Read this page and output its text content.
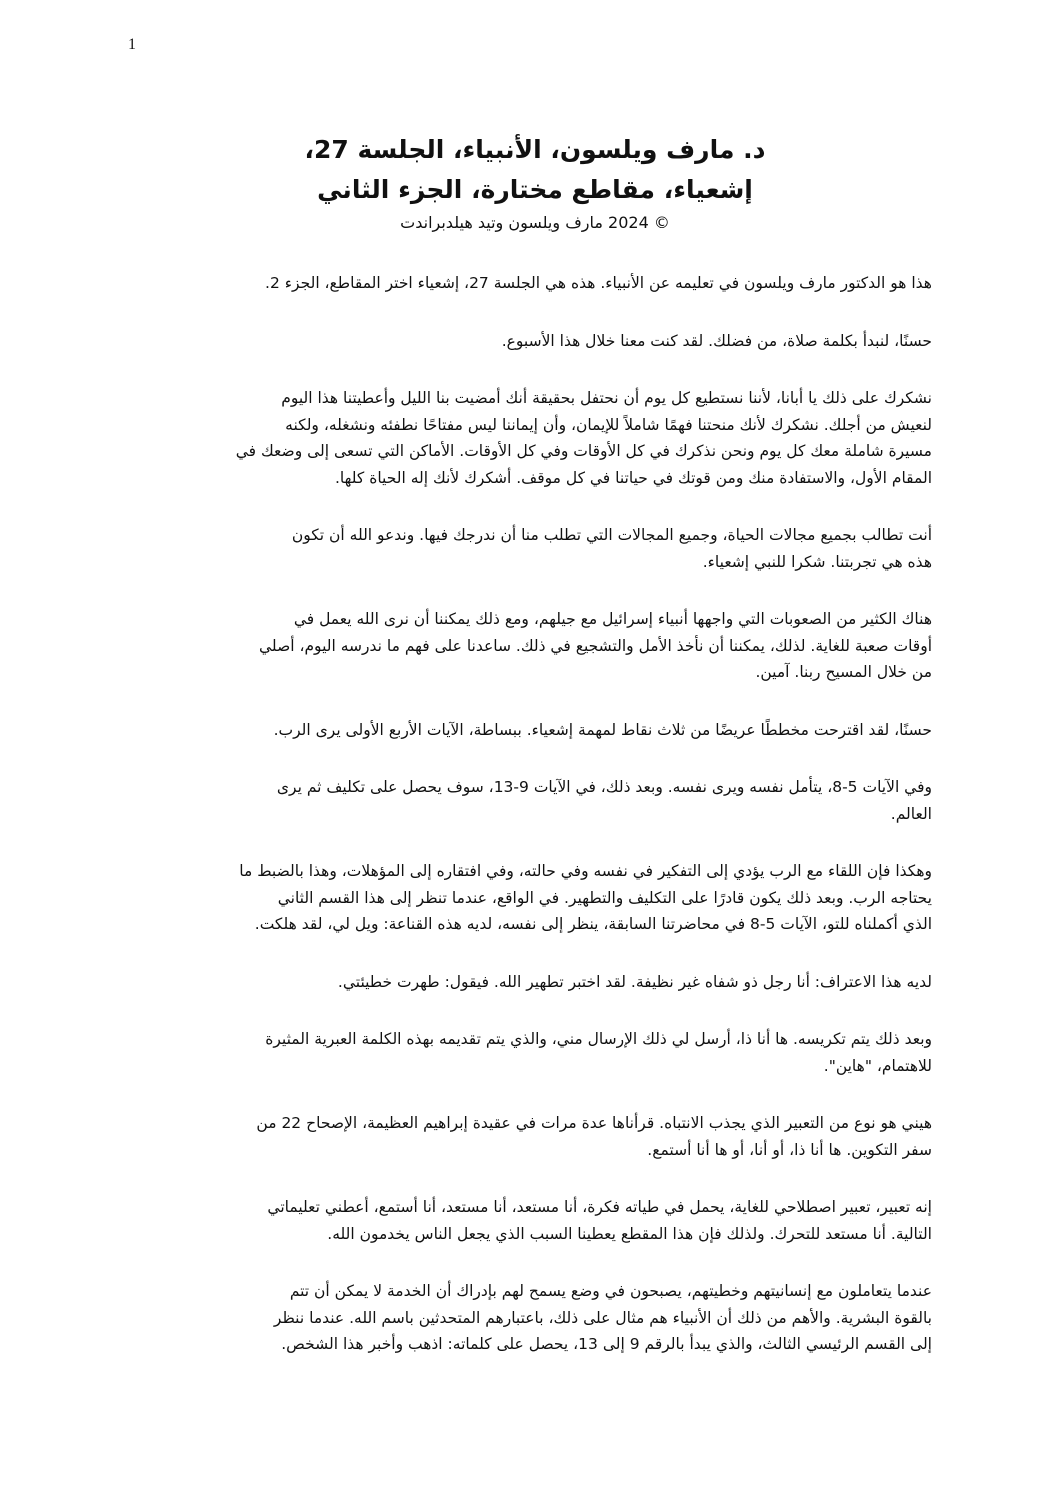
1
د. مارف ويلسون، الأنبياء، الجلسة 27،
إشعياء، مقاطع مختارة، الجزء الثاني
© 2024 مارف ويلسون وتيد هيلدبراندت
هذا هو الدكتور مارف ويلسون في تعليمه عن الأنبياء. هذه هي الجلسة 27، إشعياء اختر المقاطع، الجزء 2.
حسنًا، لنبدأ بكلمة صلاة، من فضلك. لقد كنت معنا خلال هذا الأسبوع.
نشكرك على ذلك يا أبانا، لأننا نستطيع كل يوم أن نحتفل بحقيقة أنك أمضيت بنا الليل وأعطيتنا هذا اليوم
لنعيش من أجلك. نشكرك لأنك منحتنا فهمًا شاملاً للإيمان، وأن إيماننا ليس مفتاحًا نطفئه ونشغله، ولكنه
مسيرة شاملة معك كل يوم ونحن نذكرك في كل الأوقات وفي كل الأوقات. الأماكن التي تسعى إلى وضعك في
المقام الأول، والاستفادة منك ومن قوتك في حياتنا في كل موقف. أشكرك لأنك إله الحياة كلها.
أنت تطالب بجميع مجالات الحياة، وجميع المجالات التي تطلب منا أن ندرجك فيها. وندعو الله أن تكون
هذه هي تجربتنا. شكرا للنبي إشعياء.
هناك الكثير من الصعوبات التي واجهها أنبياء إسرائيل مع جيلهم، ومع ذلك يمكننا أن نرى الله يعمل في
أوقات صعبة للغاية. لذلك، يمكننا أن نأخذ الأمل والتشجيع في ذلك. ساعدنا على فهم ما ندرسه اليوم، أصلي
من خلال المسيح ربنا. آمين.
حسنًا، لقد اقترحت مخططًا عريضًا من ثلاث نقاط لمهمة إشعياء. ببساطة، الآيات الأربع الأولى يرى الرب.
وفي الآيات 5-8، يتأمل نفسه ويرى نفسه. وبعد ذلك، في الآيات 9-13، سوف يحصل على تكليف ثم يرى
العالم.
وهكذا فإن اللقاء مع الرب يؤدي إلى التفكير في نفسه وفي حالته، وفي افتقاره إلى المؤهلات، وهذا بالضبط ما
يحتاجه الرب. وبعد ذلك يكون قادرًا على التكليف والتطهير. في الواقع، عندما تنظر إلى هذا القسم الثاني
الذي أكملناه للتو، الآيات 5-8 في محاضرتنا السابقة، ينظر إلى نفسه، لديه هذه القناعة: ويل لي، لقد هلكت.
لديه هذا الاعتراف: أنا رجل ذو شفاه غير نظيفة. لقد اختبر تطهير الله. فيقول: طهرت خطيئتي.
وبعد ذلك يتم تكريسه. ها أنا ذا، أرسل لي ذلك الإرسال مني، والذي يتم تقديمه بهذه الكلمة العبرية المثيرة
للاهتمام، "هاين".
هيني هو نوع من التعبير الذي يجذب الانتباه. قرأناها عدة مرات في عقيدة إبراهيم العظيمة، الإصحاح 22 من
سفر التكوين. ها أنا ذا، أو أنا، أو ها أنا أستمع.
إنه تعبير، تعبير اصطلاحي للغاية، يحمل في طياته فكرة، أنا مستعد، أنا مستعد، أنا أستمع، أعطني تعليماتي
التالية. أنا مستعد للتحرك. ولذلك فإن هذا المقطع يعطينا السبب الذي يجعل الناس يخدمون الله.
عندما يتعاملون مع إنسانيتهم وخطيتهم، يصبحون في وضع يسمح لهم بإدراك أن الخدمة لا يمكن أن تتم
بالقوة البشرية. والأهم من ذلك أن الأنبياء هم مثال على ذلك، باعتبارهم المتحدثين باسم الله. عندما ننظر
إلى القسم الرئيسي الثالث، والذي يبدأ بالرقم 9 إلى 13، يحصل على كلماته: اذهب وأخبر هذا الشخص.
